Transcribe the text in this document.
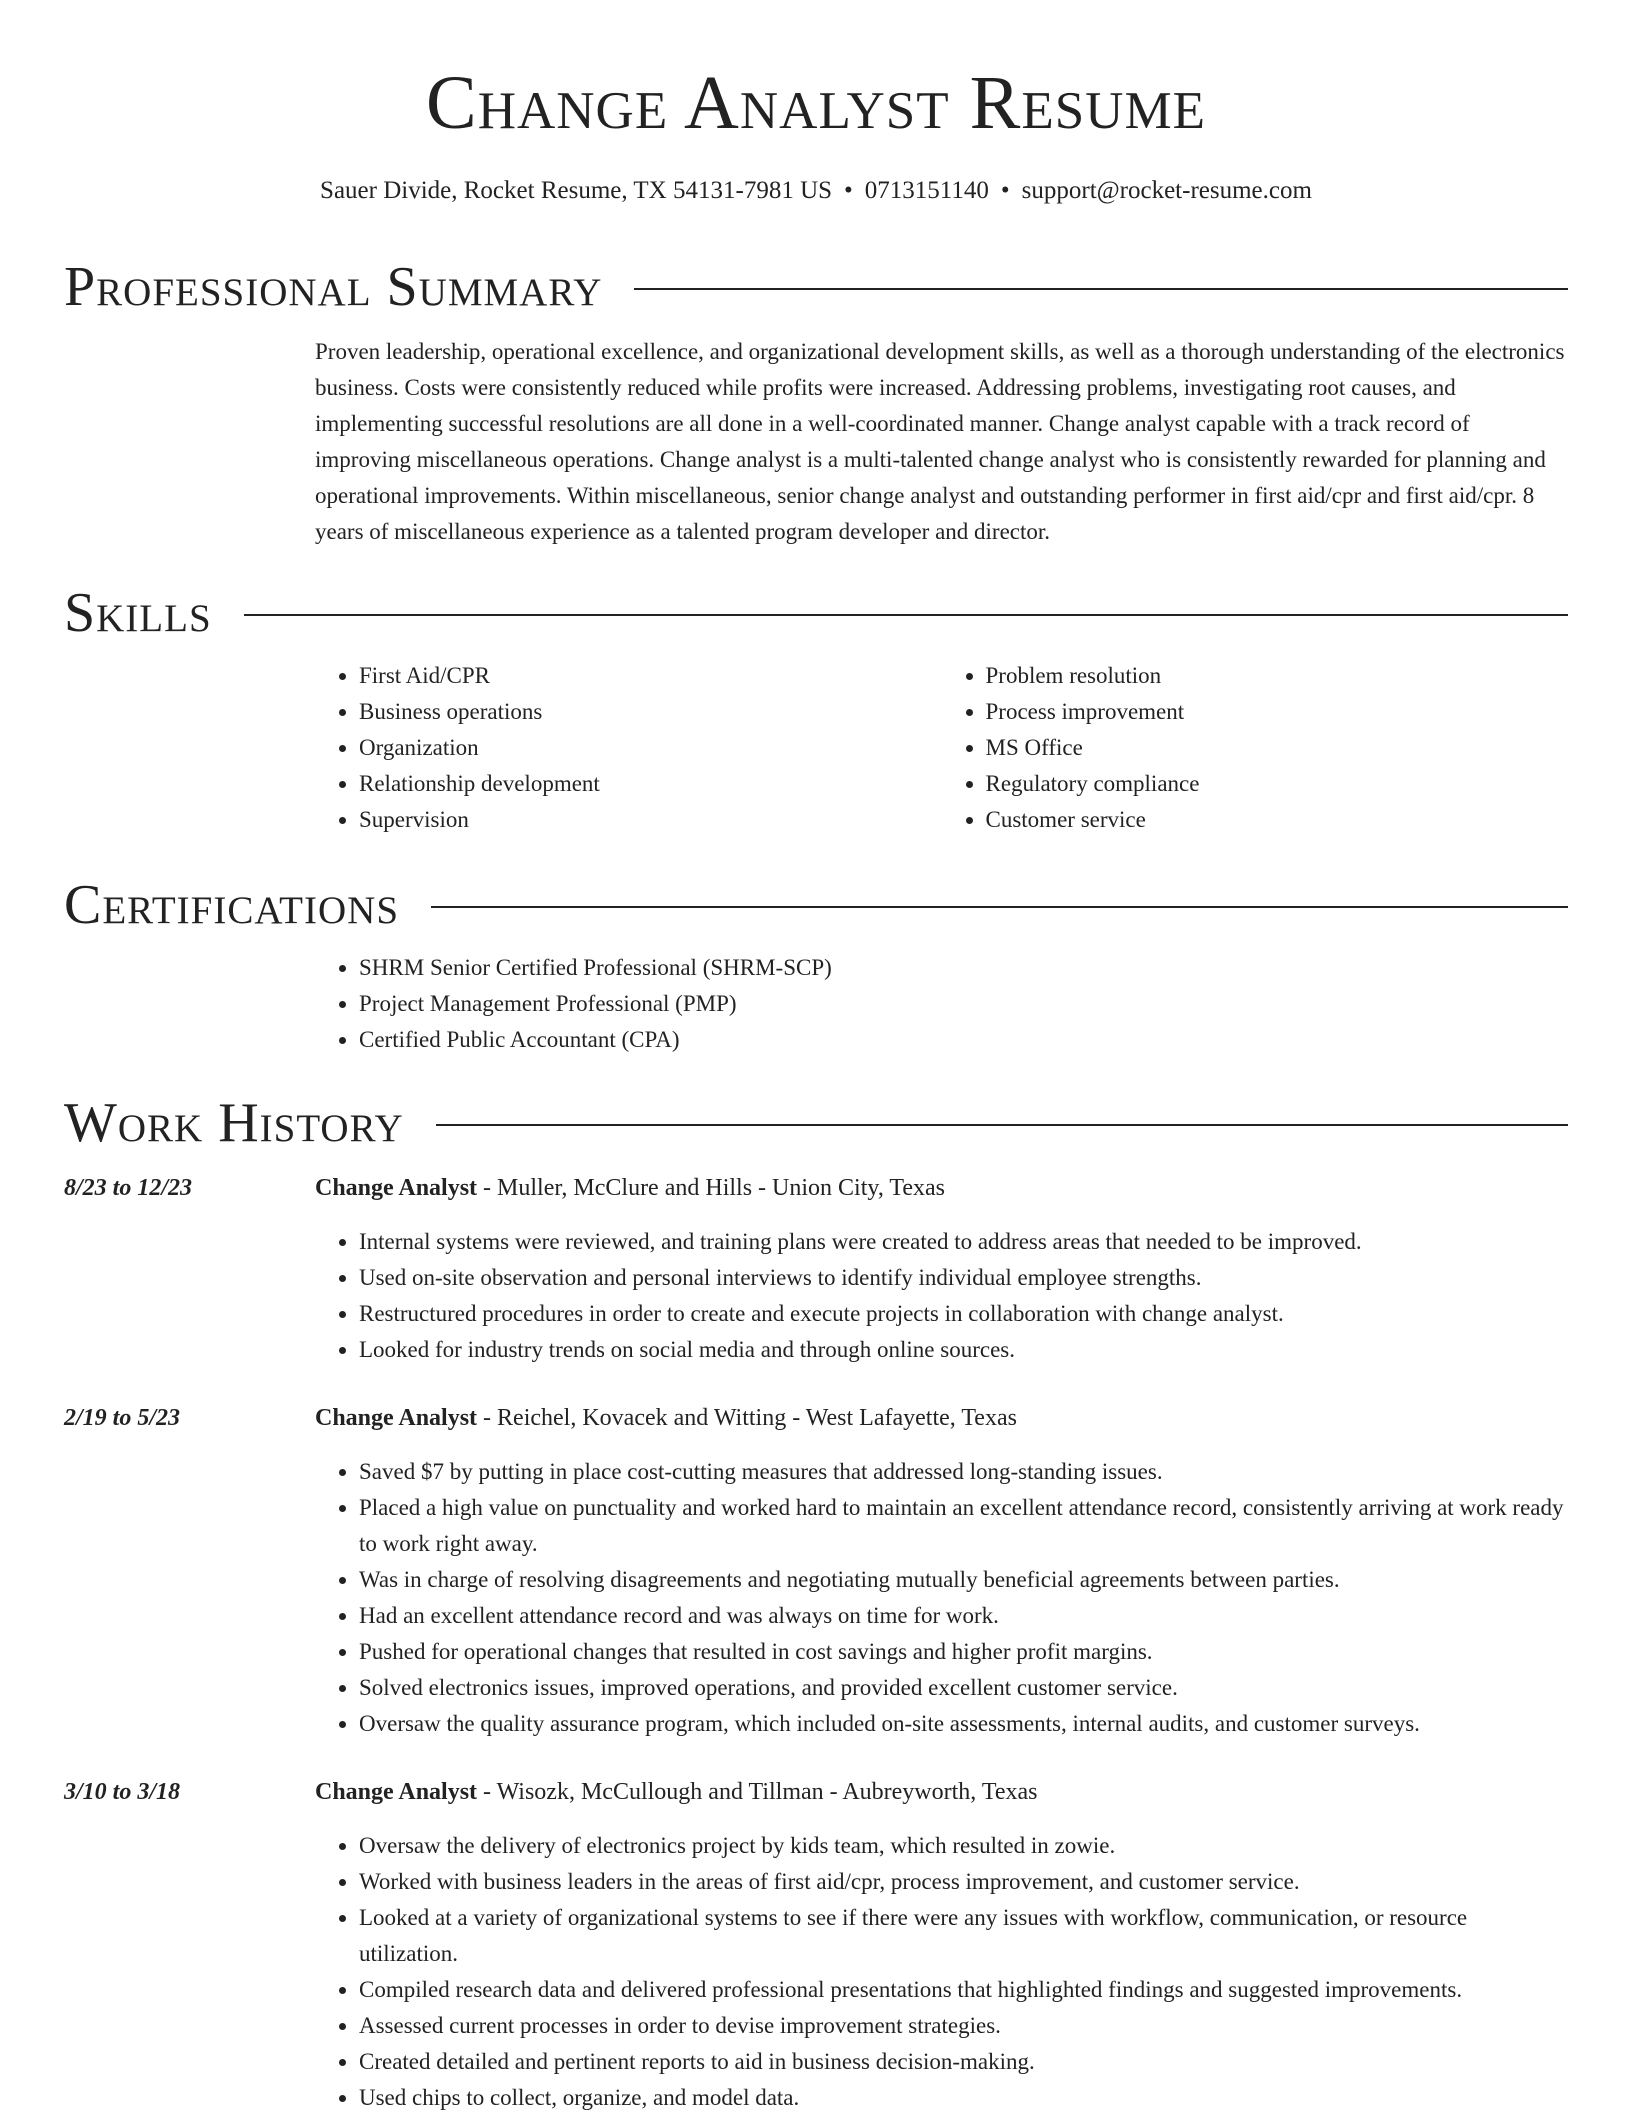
Change Analyst Resume
Sauer Divide, Rocket Resume, TX 54131-7981 US • 0713151140 • support@rocket-resume.com
Professional Summary
Proven leadership, operational excellence, and organizational development skills, as well as a thorough understanding of the electronics business. Costs were consistently reduced while profits were increased. Addressing problems, investigating root causes, and implementing successful resolutions are all done in a well-coordinated manner. Change analyst capable with a track record of improving miscellaneous operations. Change analyst is a multi-talented change analyst who is consistently rewarded for planning and operational improvements. Within miscellaneous, senior change analyst and outstanding performer in first aid/cpr and first aid/cpr. 8 years of miscellaneous experience as a talented program developer and director.
Skills
• First Aid/CPR
• Business operations
• Organization
• Relationship development
• Supervision
• Problem resolution
• Process improvement
• MS Office
• Regulatory compliance
• Customer service
Certifications
• SHRM Senior Certified Professional (SHRM-SCP)
• Project Management Professional (PMP)
• Certified Public Accountant (CPA)
Work History
8/23 to 12/23	Change Analyst - Muller, McClure and Hills - Union City, Texas
• Internal systems were reviewed, and training plans were created to address areas that needed to be improved.
• Used on-site observation and personal interviews to identify individual employee strengths.
• Restructured procedures in order to create and execute projects in collaboration with change analyst.
• Looked for industry trends on social media and through online sources.
2/19 to 5/23	Change Analyst - Reichel, Kovacek and Witting - West Lafayette, Texas
• Saved $7 by putting in place cost-cutting measures that addressed long-standing issues.
• Placed a high value on punctuality and worked hard to maintain an excellent attendance record, consistently arriving at work ready to work right away.
• Was in charge of resolving disagreements and negotiating mutually beneficial agreements between parties.
• Had an excellent attendance record and was always on time for work.
• Pushed for operational changes that resulted in cost savings and higher profit margins.
• Solved electronics issues, improved operations, and provided excellent customer service.
• Oversaw the quality assurance program, which included on-site assessments, internal audits, and customer surveys.
3/10 to 3/18	Change Analyst - Wisozk, McCullough and Tillman - Aubreyworth, Texas
• Oversaw the delivery of electronics project by kids team, which resulted in zowie.
• Worked with business leaders in the areas of first aid/cpr, process improvement, and customer service.
• Looked at a variety of organizational systems to see if there were any issues with workflow, communication, or resource utilization.
• Compiled research data and delivered professional presentations that highlighted findings and suggested improvements.
• Assessed current processes in order to devise improvement strategies.
• Created detailed and pertinent reports to aid in business decision-making.
• Used chips to collect, organize, and model data.
